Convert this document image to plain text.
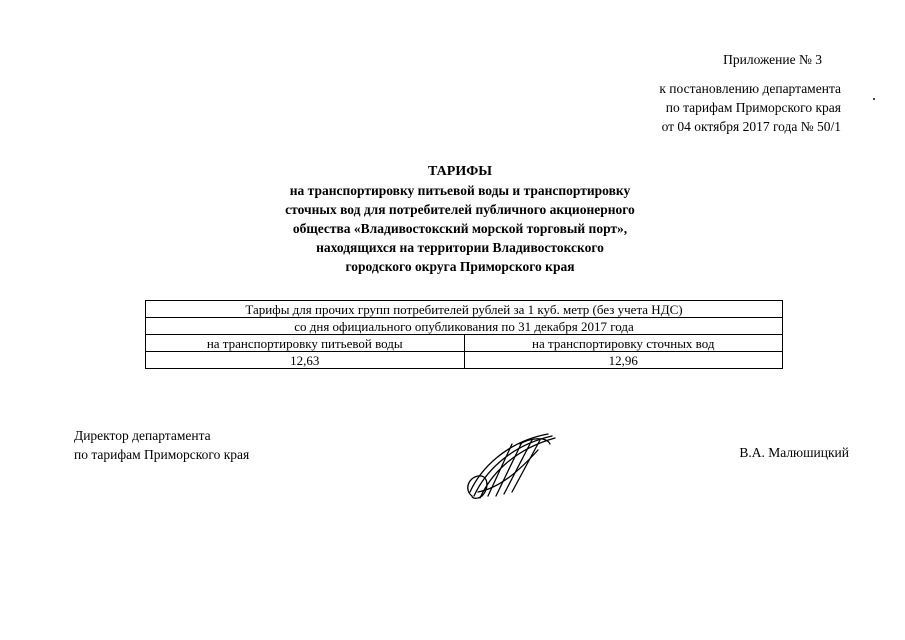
Приложение № 3
к постановлению департамента
по тарифам Приморского края
от 04 октября 2017 года № 50/1
ТАРИФЫ
на транспортировку питьевой воды и транспортировку
сточных вод для потребителей публичного акционерного
общества «Владивостокский морской торговый порт»,
находящихся на территории Владивостокского
городского округа Приморского края
Тарифы для прочих групп потребителей рублей за 1 куб. метр (без учета НДС)	
со дня официального опубликования по 31 декабря 2017 года	
на транспортировку питьевой воды	на транспортировку сточных вод
12,63	12,96
Директор департамента
по тарифам Приморского края	В.А. Малюшицкий
